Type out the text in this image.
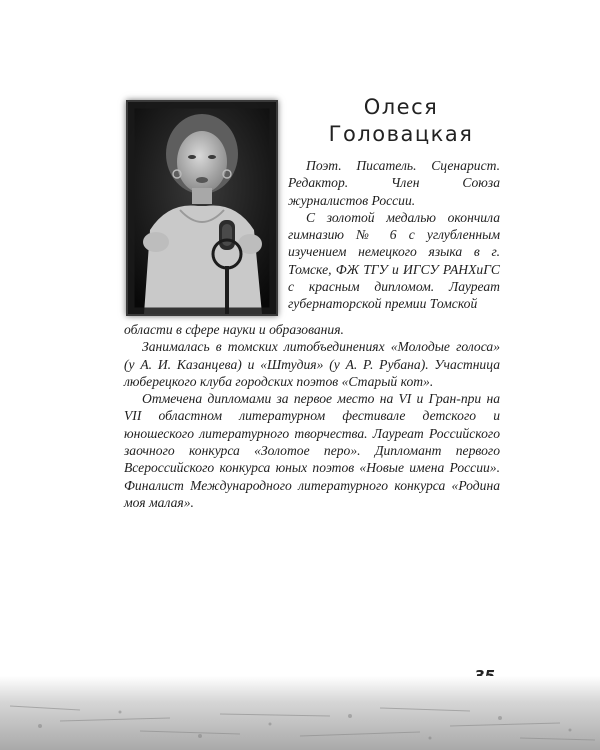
Олеся
Головацкая

Поэт. Писатель. Сценарист. Редактор. Член Союза журналистов России.

С золотой медалью окончила гимназию № 6 с углубленным изучением немецкого языка в г. Томске, ФЖ ТГУ и ИГСУ РАНХиГС с красным дипломом. Лауреат губернаторской премии Томской

области в сфере науки и образования.

Занималась в томских литобъединениях «Молодые голоса» (у А. И. Казанцева) и «Штудия» (у А. Р. Рубана). Участница люберецкого клуба городских поэтов «Старый кот».

Отмечена дипломами за первое место на VI и Гран-при на VII областном литературном фестивале детского и юношеского литературного творчества. Лауреат Российского заочного конкурса «Золотое перо». Дипломант первого Всероссийского конкурса юных поэтов «Новые имена России». Финалист Международного литературного конкурса «Родина моя малая».
